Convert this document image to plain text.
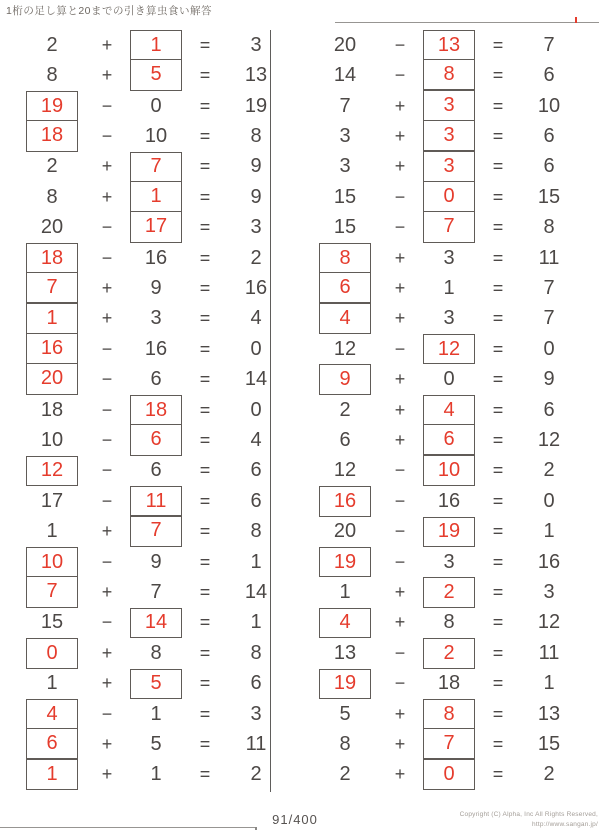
1桁の足し算と20までの引き算虫食い解答
2	+	1	=	3
8	+	5	=	13
19	−	0	=	19
18	−	10	=	8
2	+	7	=	9
8	+	1	=	9
20	−	17	=	3
18	−	16	=	2
7	+	9	=	16
1	+	3	=	4
16	−	16	=	0
20	−	6	=	14
18	−	18	=	0
10	−	6	=	4
12	−	6	=	6
17	−	11	=	6
1	+	7	=	8
10	−	9	=	1
7	+	7	=	14
15	−	14	=	1
0	+	8	=	8
1	+	5	=	6
4	−	1	=	3
6	+	5	=	11
1	+	1	=	2
20	−	13	=	7
14	−	8	=	6
7	+	3	=	10
3	+	3	=	6
3	+	3	=	6
15	−	0	=	15
15	−	7	=	8
8	+	3	=	11
6	+	1	=	7
4	+	3	=	7
12	−	12	=	0
9	+	0	=	9
2	+	4	=	6
6	+	6	=	12
12	−	10	=	2
16	−	16	=	0
20	−	19	=	1
19	−	3	=	16
1	+	2	=	3
4	+	8	=	12
13	−	2	=	11
19	−	18	=	1
5	+	8	=	13
8	+	7	=	15
2	+	0	=	2
91/400	Copyright (C) Alpha, Inc All Rights Reserved,
http://www.sangan.jp/
